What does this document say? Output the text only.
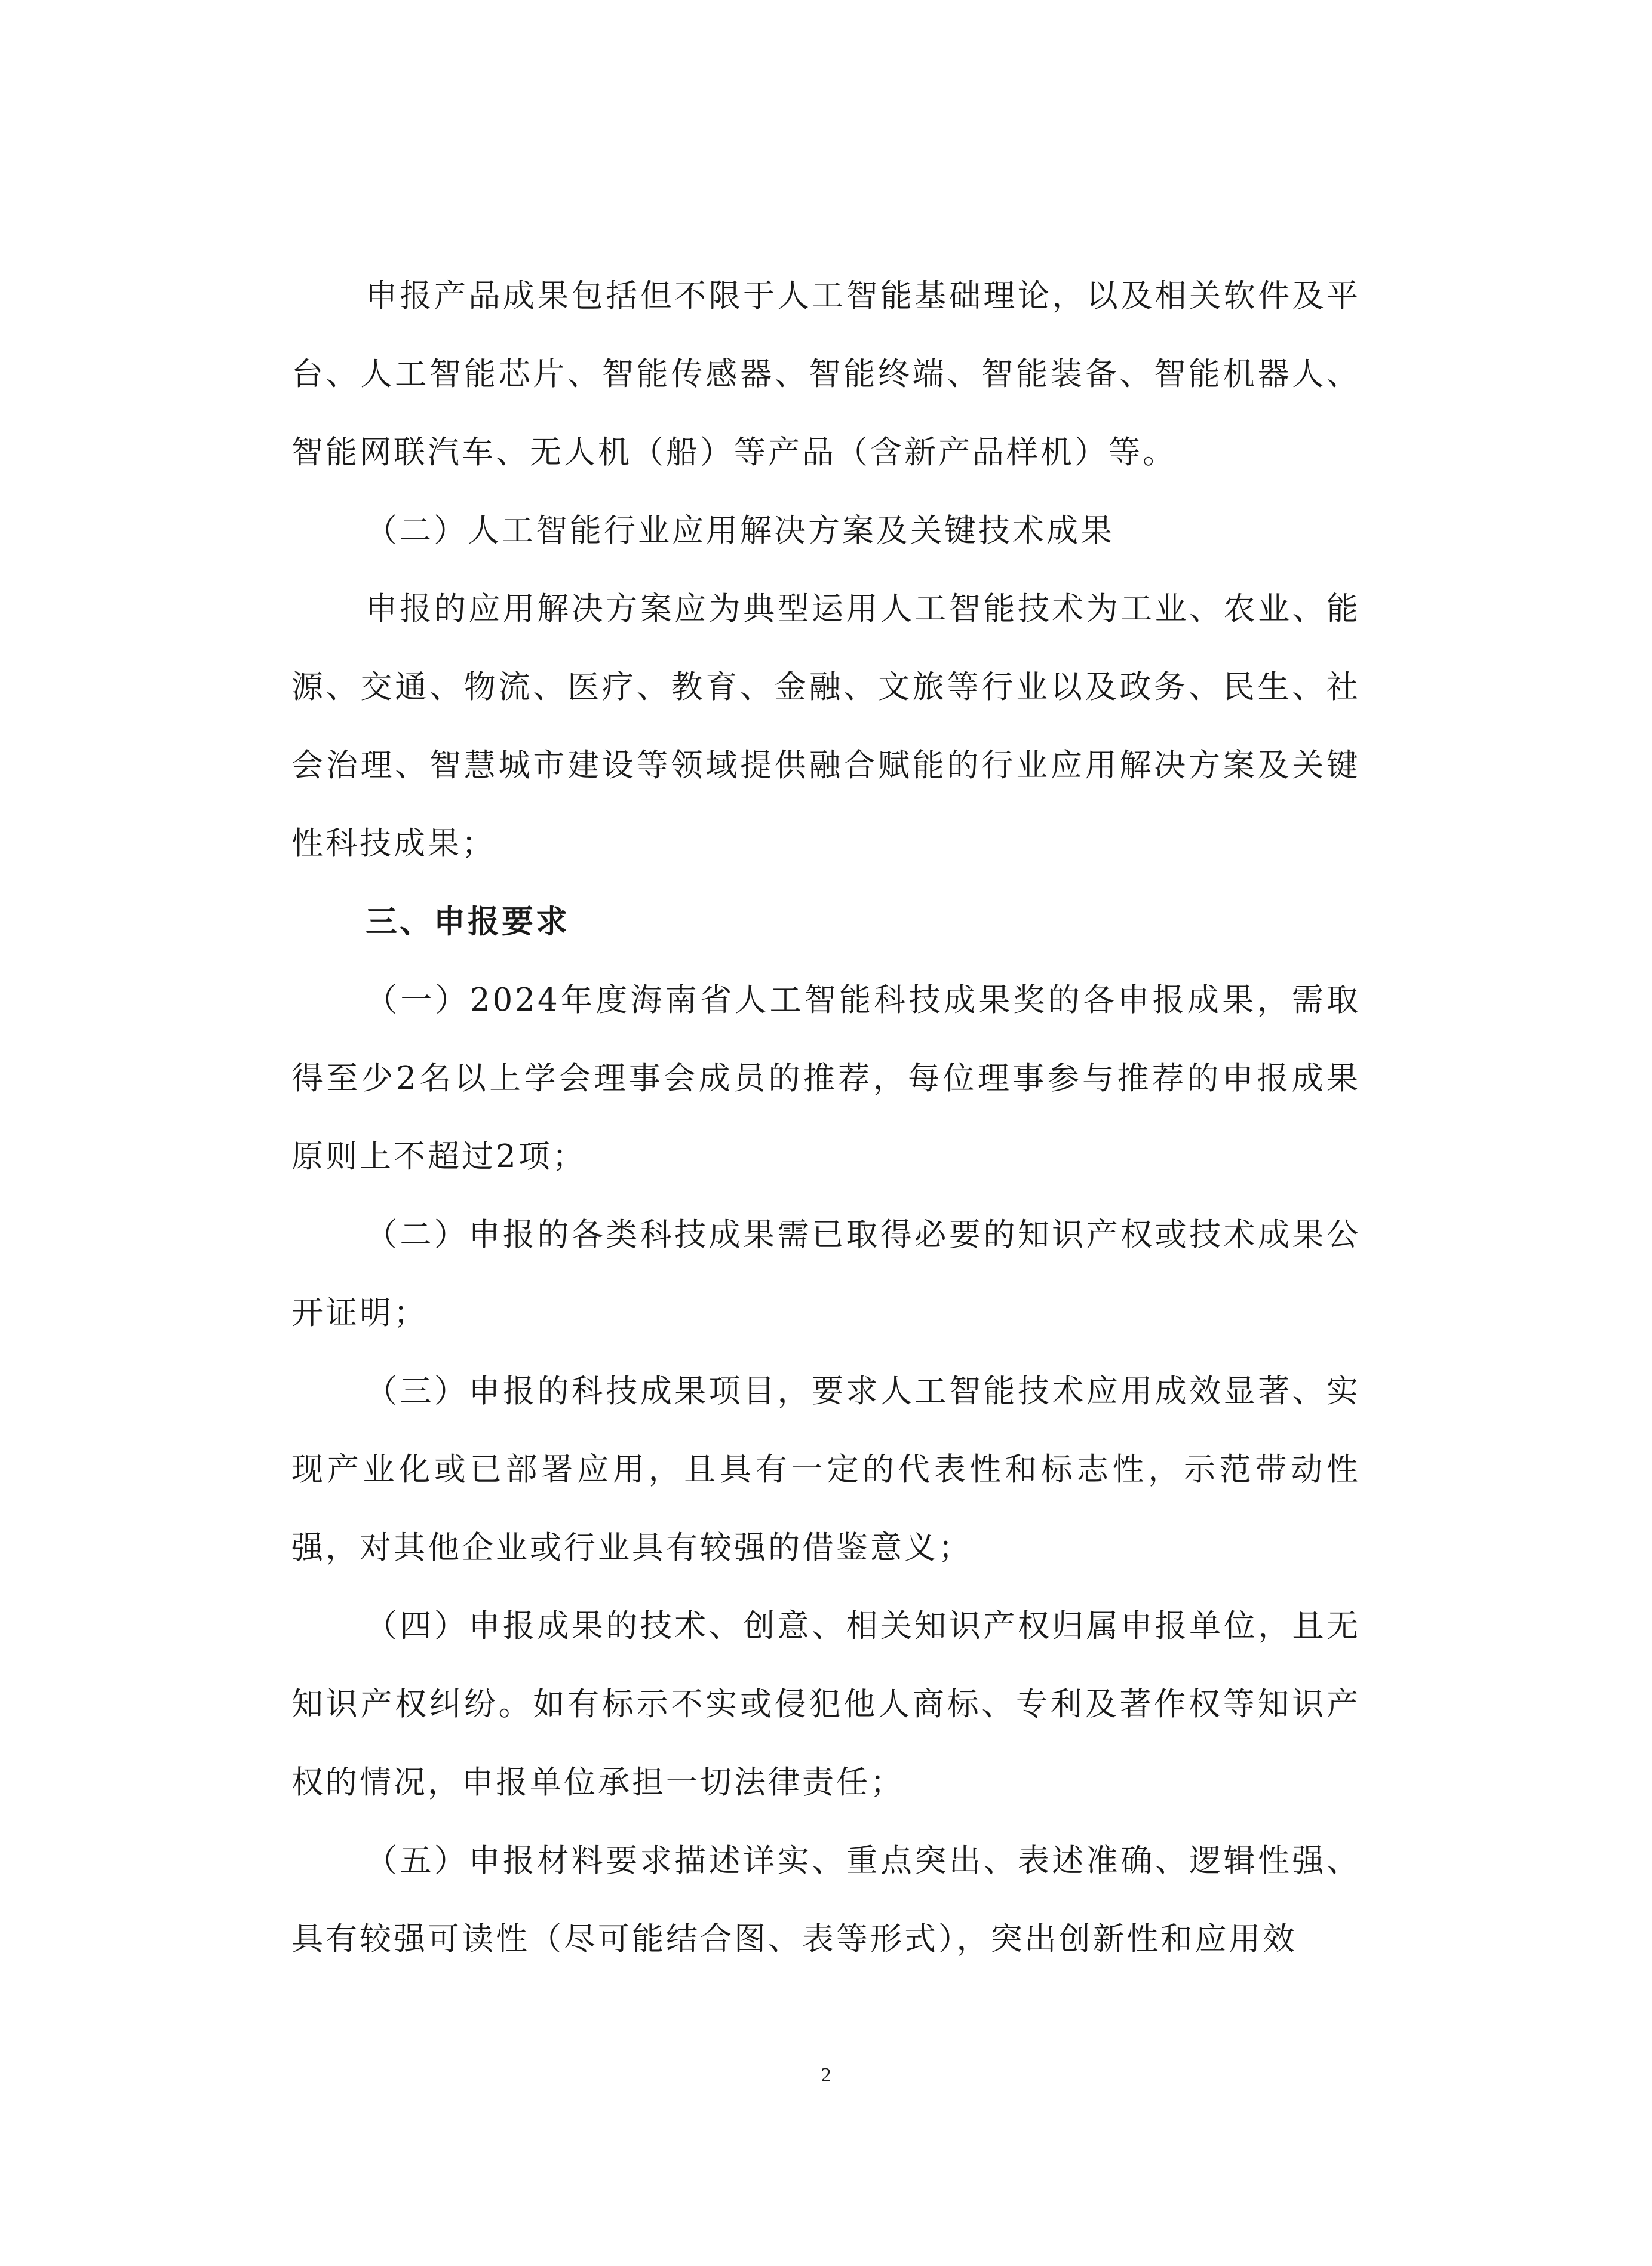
申报产品成果包括但不限于人工智能基础理论，以及相关软件及平台、人工智能芯片、智能传感器、智能终端、智能装备、智能机器人、智能网联汽车、无人机（船）等产品（含新产品样机）等。

（二）人工智能行业应用解决方案及关键技术成果

申报的应用解决方案应为典型运用人工智能技术为工业、农业、能源、交通、物流、医疗、教育、金融、文旅等行业以及政务、民生、社会治理、智慧城市建设等领域提供融合赋能的行业应用解决方案及关键性科技成果；

三、申报要求

（一）2024年度海南省人工智能科技成果奖的各申报成果，需取得至少2名以上学会理事会成员的推荐，每位理事参与推荐的申报成果原则上不超过2项；

（二）申报的各类科技成果需已取得必要的知识产权或技术成果公开证明；

（三）申报的科技成果项目，要求人工智能技术应用成效显著、实现产业化或已部署应用，且具有一定的代表性和标志性，示范带动性强，对其他企业或行业具有较强的借鉴意义；

（四）申报成果的技术、创意、相关知识产权归属申报单位，且无知识产权纠纷。如有标示不实或侵犯他人商标、专利及著作权等知识产权的情况，申报单位承担一切法律责任；

（五）申报材料要求描述详实、重点突出、表述准确、逻辑性强、具有较强可读性（尽可能结合图、表等形式），突出创新性和应用效

2
